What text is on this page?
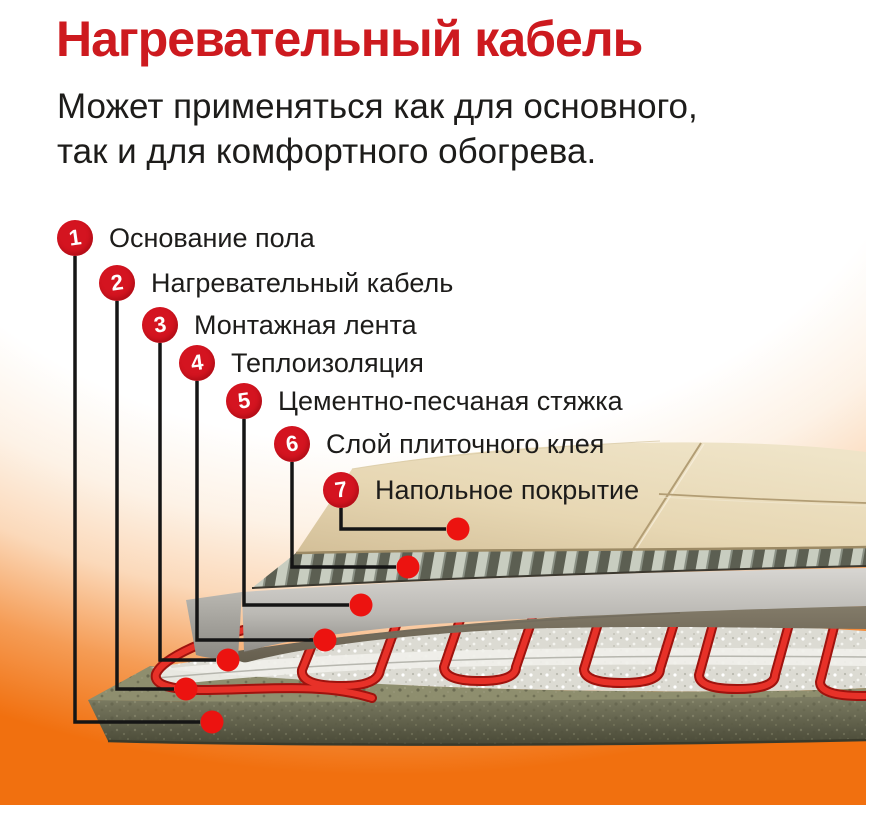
Нагревательный кабель
Может применяться как для основного,
так и для комфортного обогрева.
1 Основание пола
2 Нагревательный кабель
3 Монтажная лента
4 Теплоизоляция
5 Цементно-песчаная стяжка
6 Слой плиточного клея
7 Напольное покрытие
